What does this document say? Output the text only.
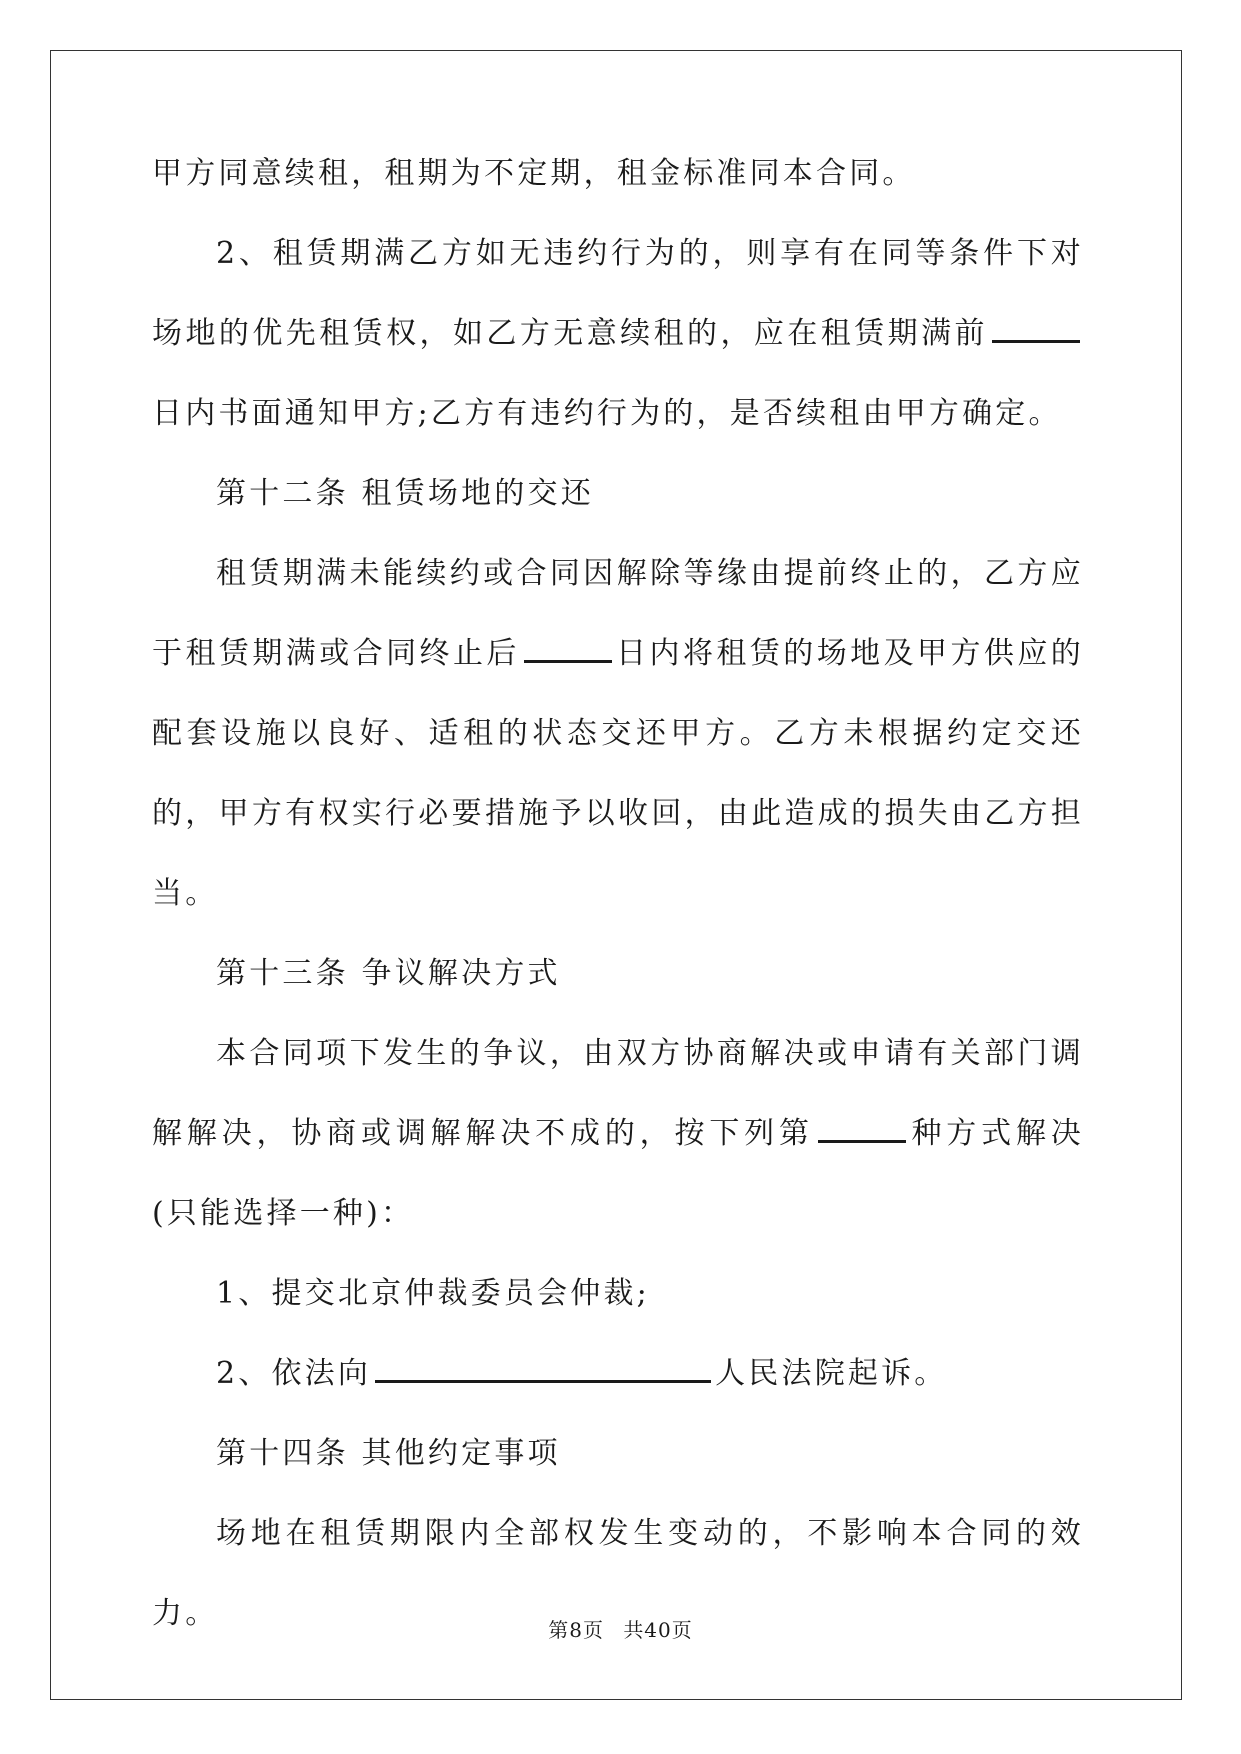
甲方同意续租，租期为不定期，租金标准同本合同。

2、租赁期满乙方如无违约行为的，则享有在同等条件下对场地的优先租赁权，如乙方无意续租的，应在租赁期满前日内书面通知甲方;乙方有违约行为的，是否续租由甲方确定。

第十二条 租赁场地的交还

租赁期满未能续约或合同因解除等缘由提前终止的，乙方应于租赁期满或合同终止后	日内将租赁的场地及甲方供应的配套设施以良好、适租的状态交还甲方。乙方未根据约定交还的，甲方有权实行必要措施予以收回，由此造成的损失由乙方担当。

第十三条 争议解决方式

本合同项下发生的争议，由双方协商解决或申请有关部门调解解决，协商或调解解决不成的，按下列第	种方式解决(只能选择一种)：

1、提交北京仲裁委员会仲裁;

2、依法向	人民法院起诉。

第十四条 其他约定事项

场地在租赁期限内全部权发生变动的，不影响本合同的效力。	第8页 共40页
